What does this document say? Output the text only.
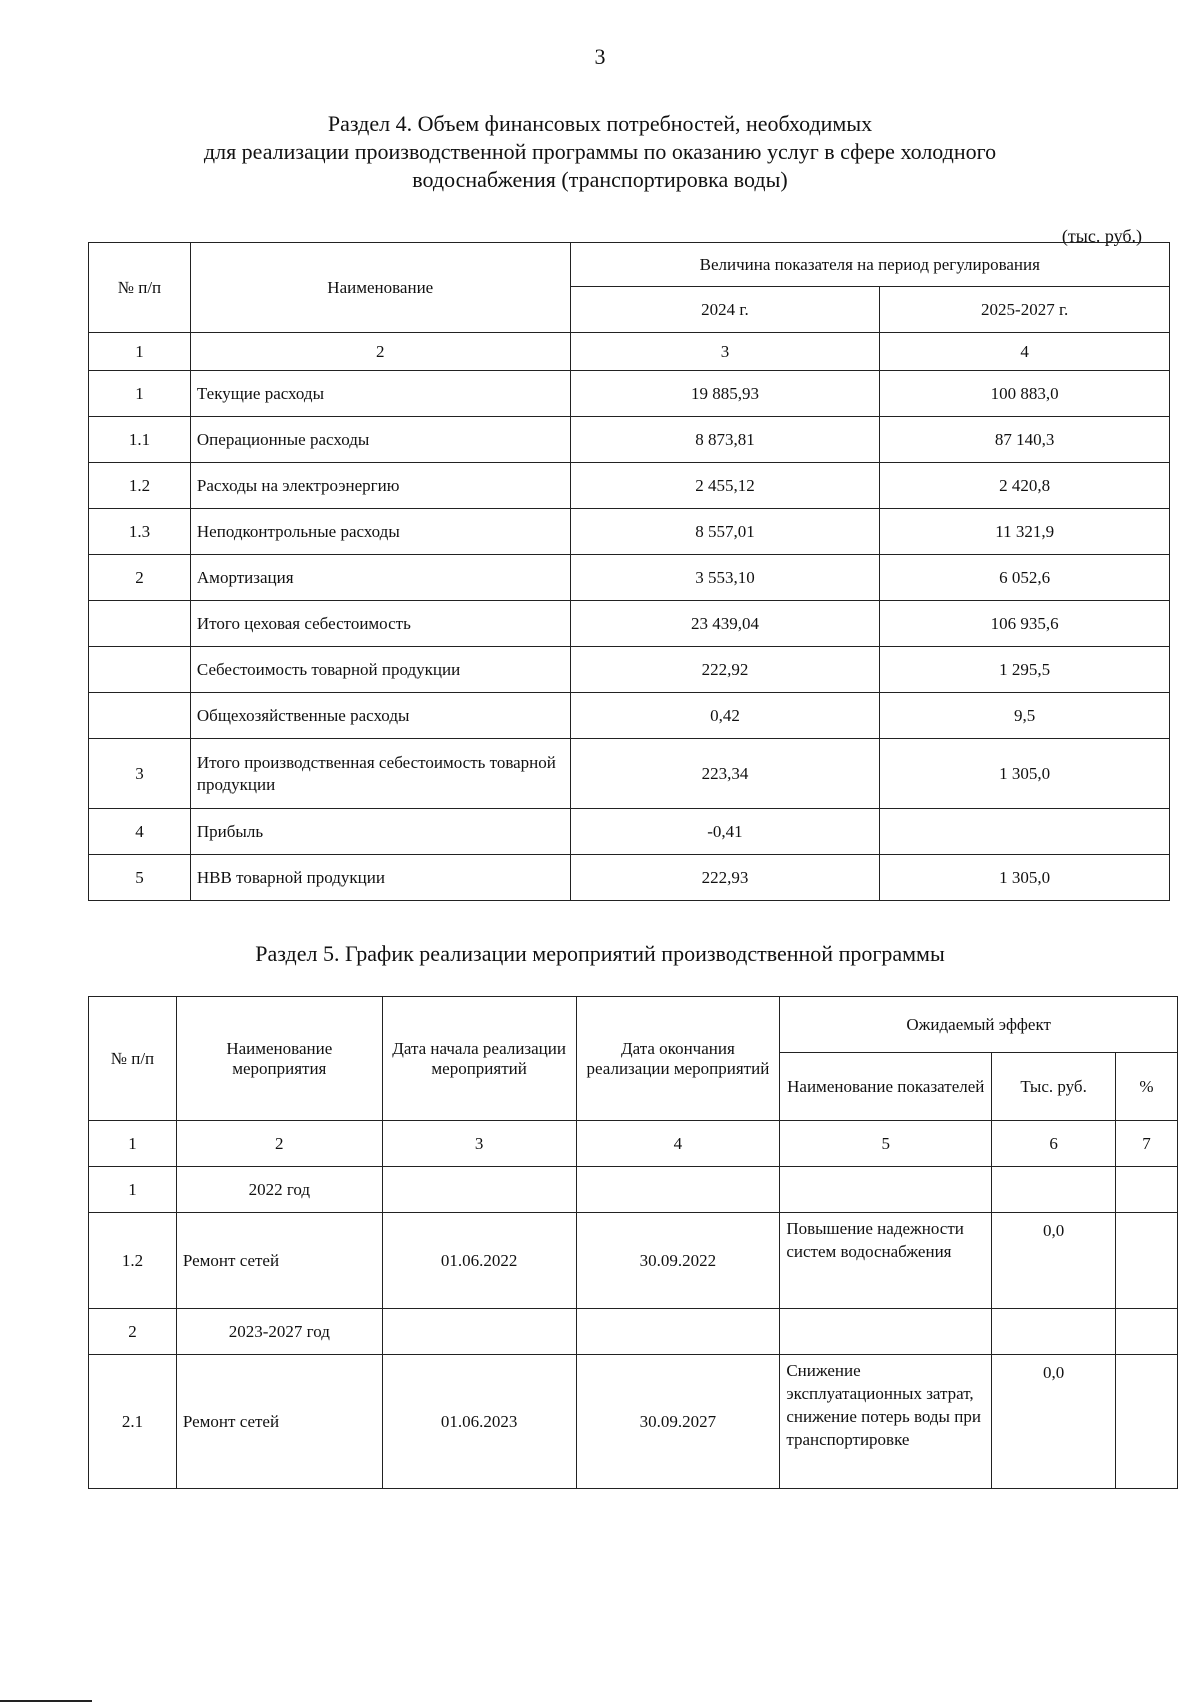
3
Раздел 4. Объем финансовых потребностей, необходимых
для реализации производственной программы по оказанию услуг в сфере холодного
водоснабжения (транспортировка воды)
(тыс. руб.)
№ п/п	Наименование	Величина показателя на период регулирования	
		2024 г.	2025-2027 г.
1	2	3	4
1	Текущие расходы	19 885,93	100 883,0
1.1	Операционные расходы	8 873,81	87 140,3
1.2	Расходы на электроэнергию	2 455,12	2 420,8
1.3	Неподконтрольные расходы	8 557,01	11 321,9
2	Амортизация	3 553,10	6 052,6
	Итого цеховая себестоимость	23 439,04	106 935,6
	Себестоимость товарной продукции	222,92	1 295,5
	Общехозяйственные расходы	0,42	9,5
3	Итого производственная себестоимость товарной продукции	223,34	1 305,0
4	Прибыль	-0,41	
5	НВВ товарной продукции	222,93	1 305,0
Раздел 5. График реализации мероприятий производственной программы
№ п/п	Наименование мероприятия	Дата начала реализации мероприятий	Дата окончания реализации мероприятий	Ожидаемый эффект		
				Наименование показателей	Тыс. руб.	%
1	2	3	4	5	6	7
1	2022 год					
1.2	Ремонт сетей	01.06.2022	30.09.2022	Повышение надежности систем водоснабжения	0,0	
2	2023-2027 год					
2.1	Ремонт сетей	01.06.2023	30.09.2027	Снижение эксплуатационных затрат, снижение потерь воды при транспортировке	0,0	
